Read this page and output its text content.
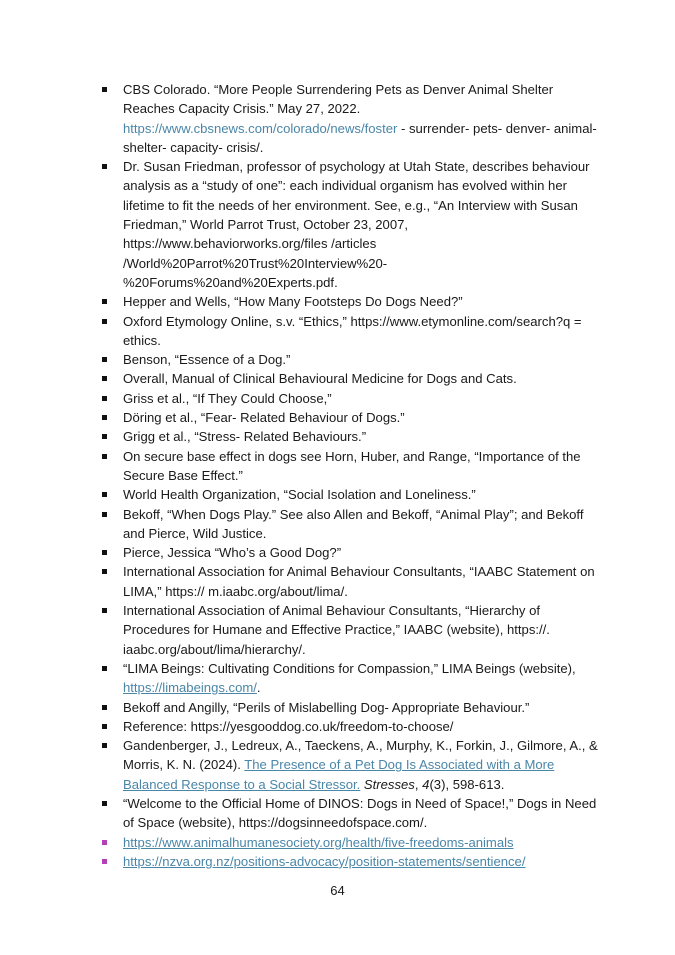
CBS Colorado. “More People Surrendering Pets as Denver Animal Shelter Reaches Capacity Crisis.” May 27, 2022. https://www.cbsnews.com/colorado/news/foster - surrender- pets- denver- animal- shelter- capacity- crisis/.
Dr. Susan Friedman, professor of psychology at Utah State, describes behaviour analysis as a “study of one”: each individual organism has evolved within her lifetime to fit the needs of her environment. See, e.g., “An Interview with Susan Friedman,” World Parrot Trust, October 23, 2007, https://www.behaviorworks.org/files /articles /World%20Parrot%20Trust%20Interview%20- %20Forums%20and%20Experts.pdf.
Hepper and Wells, “How Many Footsteps Do Dogs Need?”
Oxford Etymology Online, s.v. “Ethics,” https://www.etymonline.com/search?q = ethics.
Benson, “Essence of a Dog.”
Overall, Manual of Clinical Behavioural Medicine for Dogs and Cats.
Griss et al., “If They Could Choose,”
Döring et al., “Fear- Related Behaviour of Dogs.”
Grigg et al., “Stress- Related Behaviours.”
On secure base effect in dogs see Horn, Huber, and Range, “Importance of the Secure Base Effect.”
World Health Organization, “Social Isolation and Loneliness.”
Bekoff, “When Dogs Play.” See also Allen and Bekoff, “Animal Play”; and Bekoff and Pierce, Wild Justice.
Pierce, Jessica “Who’s a Good Dog?”
International Association for Animal Behaviour Consultants, “IAABC Statement on LIMA,” https:// m.iaabc.org/about/lima/.
International Association of Animal Behaviour Consultants, “Hierarchy of Procedures for Humane and Effective Practice,” IAABC (website), https://. iaabc.org/about/lima/hierarchy/.
“LIMA Beings: Cultivating Conditions for Compassion,” LIMA Beings (website), https://limabeings.com/.
Bekoff and Angilly, “Perils of Mislabelling Dog- Appropriate Behaviour.”
Reference: https://yesgooddog.co.uk/freedom-to-choose/
Gandenberger, J., Ledreux, A., Taeckens, A., Murphy, K., Forkin, J., Gilmore, A., & Morris, K. N. (2024). The Presence of a Pet Dog Is Associated with a More Balanced Response to a Social Stressor. Stresses, 4(3), 598-613.
“Welcome to the Official Home of DINOS: Dogs in Need of Space!,” Dogs in Need of Space (website), https://dogsinneedofspace.com/.
https://www.animalhumanesociety.org/health/five-freedoms-animals
https://nzva.org.nz/positions-advocacy/position-statements/sentience/
64
